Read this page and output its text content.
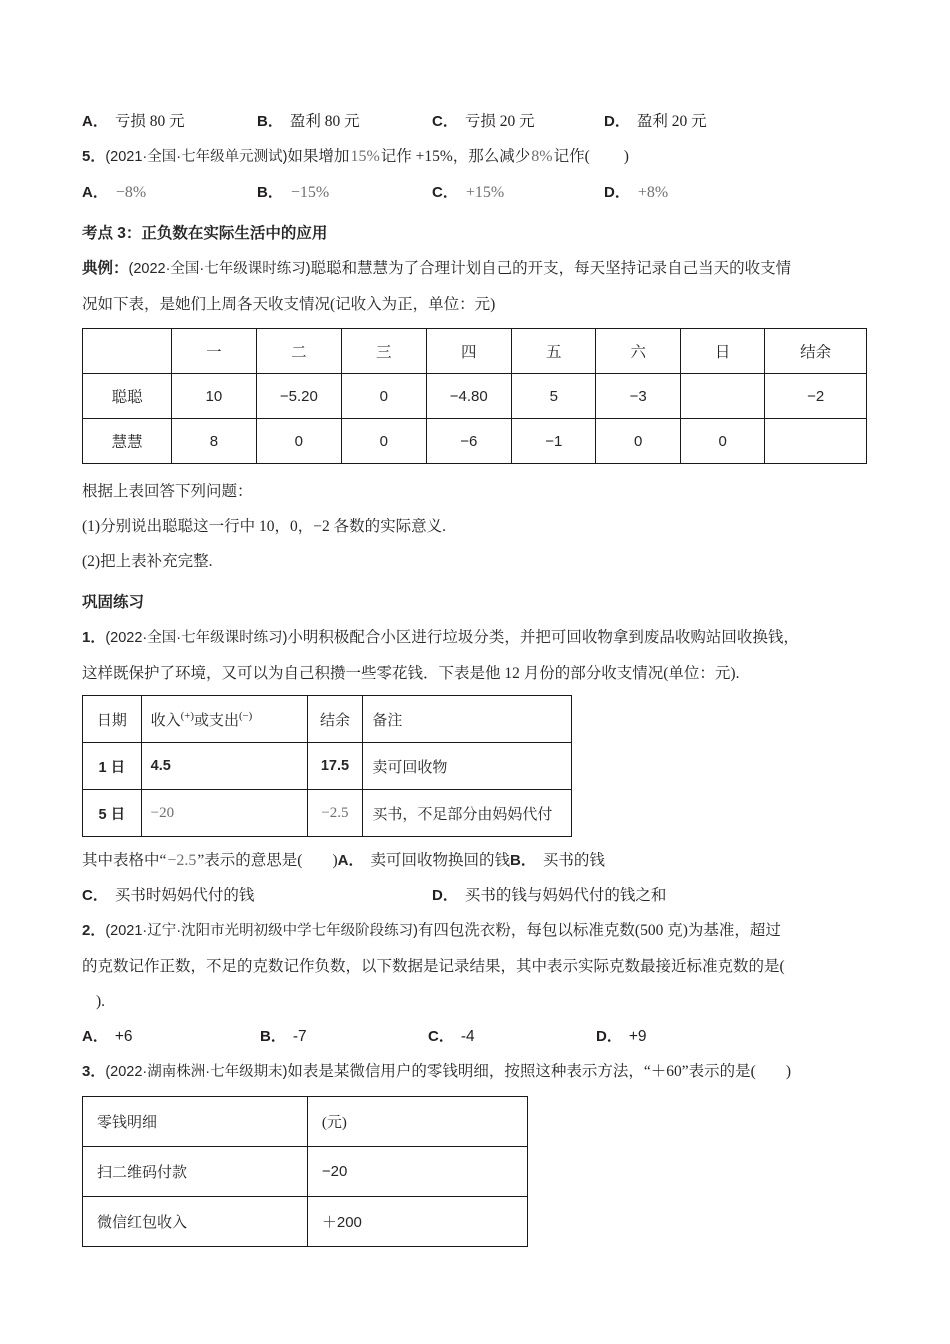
A． 亏损 80 元	B． 盈利 80 元	C． 亏损 20 元	D． 盈利 20 元
5．(2021·全国·七年级单元测试)如果增加15%记作 +15%，那么减少8%记作( )
A． −8%	B． −15%	C． +15%	D． +8%
考点 3：正负数在实际生活中的应用
典例：(2022·全国·七年级课时练习)聪聪和慧慧为了合理计划自己的开支，每天坚持记录自己当天的收支情
况如下表，是她们上周各天收支情况(记收入为正，单位：元)
	一	二	三	四	五	六	日	结余
聪聪	10	−5.20	0	−4.80	5	−3		−2
慧慧	8	0	0	−6	−1	0	0	
根据上表回答下列问题：
(1)分别说出聪聪这一行中 10，0，−2 各数的实际意义.
(2)把上表补充完整.
巩固练习
1．(2022·全国·七年级课时练习)小明积极配合小区进行垃圾分类，并把可回收物拿到废品收购站回收换钱，
这样既保护了环境，又可以为自己积攒一些零花钱．下表是他 12 月份的部分收支情况(单位：元).
日期	收入(+)或支出(−)	结余	备注
1 日	4.5	17.5	卖可回收物
5 日	−20	−2.5	买书，不足部分由妈妈代付
其中表格中“−2.5”表示的意思是( )A． 卖可回收物换回的钱B． 买书的钱
C． 买书时妈妈代付的钱	D． 买书的钱与妈妈代付的钱之和
2．(2021·辽宁·沈阳市光明初级中学七年级阶段练习)有四包洗衣粉，每包以标准克数(500 克)为基准，超过
的克数记作正数，不足的克数记作负数，以下数据是记录结果，其中表示实际克数最接近标准克数的是(
).
A． +6	B． -7	C． -4	D． +9
3．(2022·湖南株洲·七年级期末)如表是某微信用户的零钱明细，按照这种表示方法，“＋60”表示的是( )
零钱明细	(元)
扫二维码付款	−20
微信红包收入	＋200
